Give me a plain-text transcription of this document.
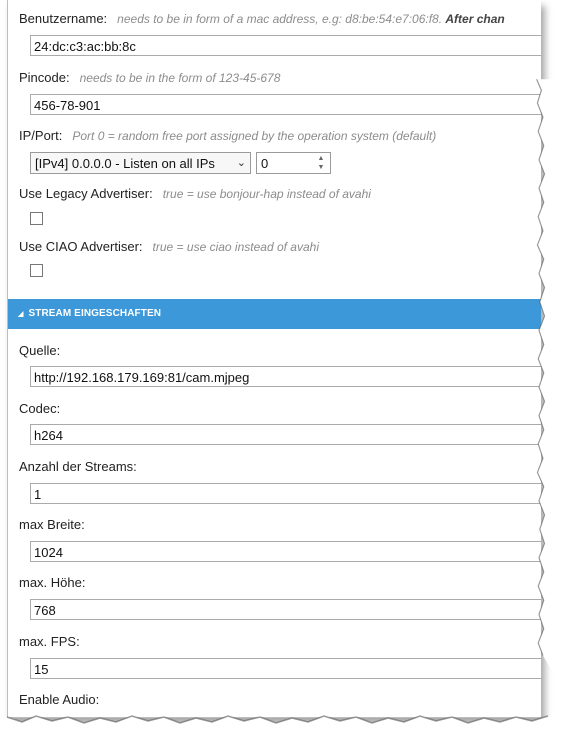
Benutzername: needs to be in form of a mac address, e.g: d8:be:54:e7:06:f8. After chan
24:dc:c3:ac:bb:8c
Pincode: needs to be in the form of 123-45-678
456-78-901
IP/Port: Port 0 = random free port assigned by the operation system (default)
[IPv4] 0.0.0.0 - Listen on all IPs ⌄	0	▲
▼
Use Legacy Advertiser: true = use bonjour-hap instead of avahi
Use CIAO Advertiser: true = use ciao instead of avahi
◢ STREAM EINGESCHAFTEN
Quelle:
http://192.168.179.169:81/cam.mjpeg
Codec:
h264
Anzahl der Streams:
1
max Breite:
1024
max. Höhe:
768
max. FPS:
15
Enable Audio:
